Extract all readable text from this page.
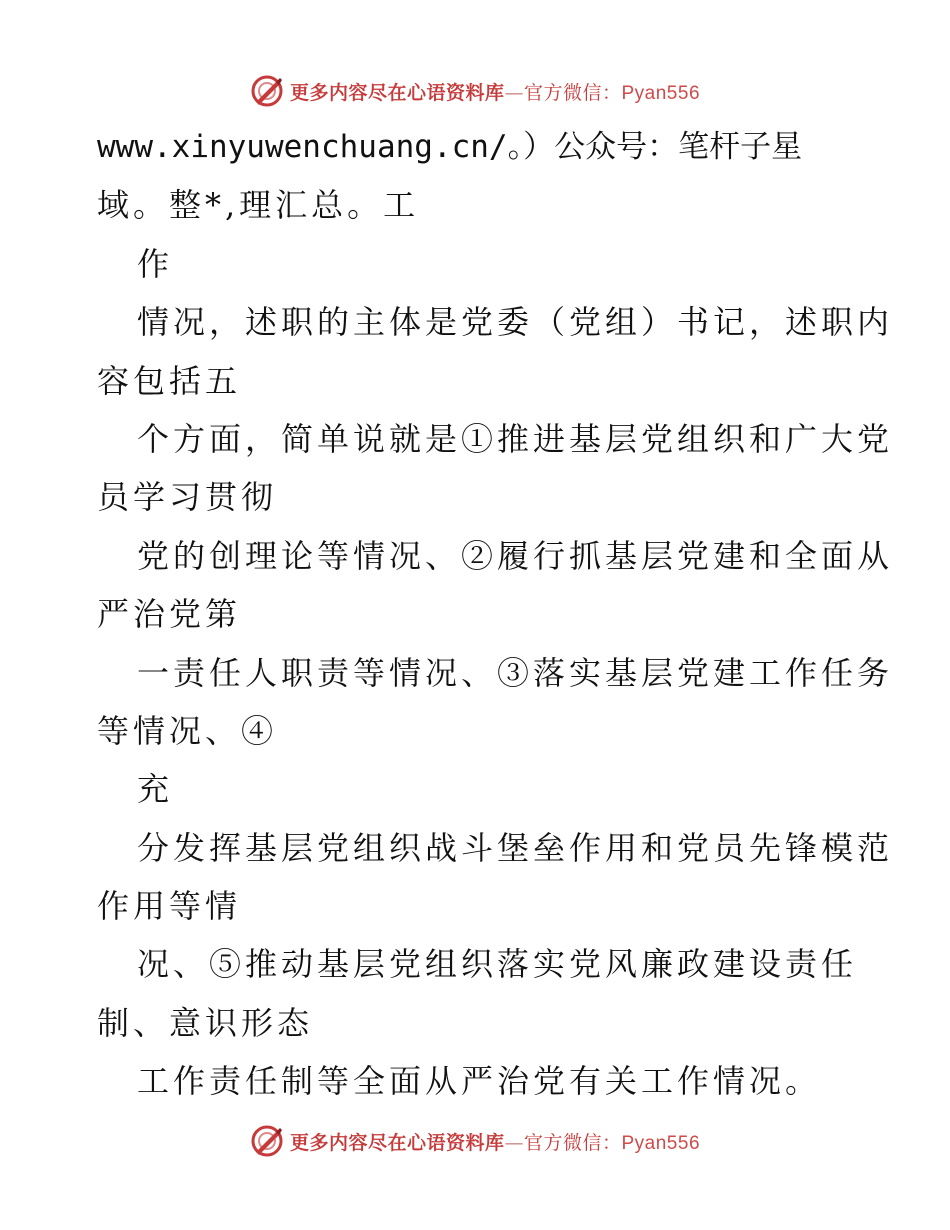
更多内容尽在心语资料库—官方微信：Pyan556
www.xinyuwenchuang.cn/。）公众号：笔杆子星
域。整*,理汇总。工
作
情况，述职的主体是党委（党组）书记，述职内
容包括五
个方面，简单说就是①推进基层党组织和广大党
员学习贯彻
党的创理论等情况、②履行抓基层党建和全面从
严治党第
一责任人职责等情况、③落实基层党建工作任务
等情况、④
充
分发挥基层党组织战斗堡垒作用和党员先锋模范
作用等情
况、⑤推动基层党组织落实党风廉政建设责任
制、意识形态
工作责任制等全面从严治党有关工作情况。
更多内容尽在心语资料库—官方微信：Pyan556
